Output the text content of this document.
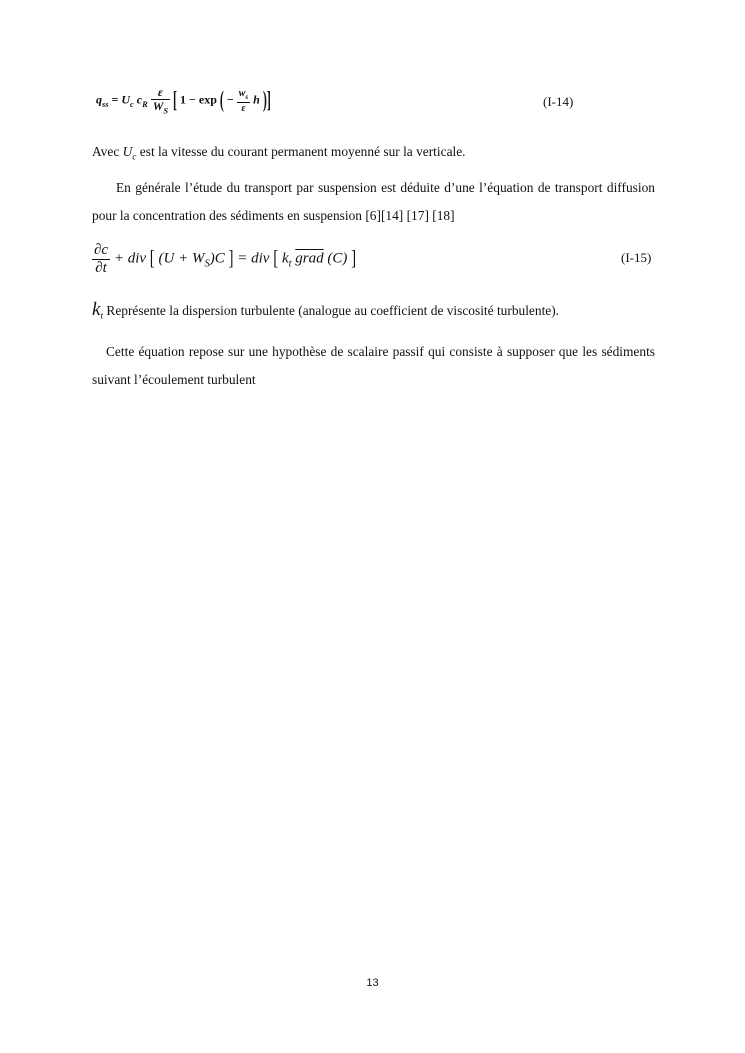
$q_{ss} = U_c$ $c_R \frac{\varepsilon}{W_S}$ [ 1 − exp ( − $\frac{w_s}{\varepsilon}$ h )]	(I-14)
Avec $U_c$ est la vitesse du courant permanent moyenné sur la verticale.
En générale l’étude du transport par suspension est déduite d’une l’équation de transport diffusion pour la concentration des sédiments en suspension [6][14] [17] [18]
$\frac{\partial c}{\partial t}$ + div [ $(U + W_S)C$ ] = div [ $k_t$ grad (C) ]	(I-15)
$k_t$ Représente la dispersion turbulente (analogue au coefficient de viscosité turbulente).
Cette équation repose sur une hypothèse de scalaire passif qui consiste à supposer que les sédiments suivant l’écoulement turbulent
13
